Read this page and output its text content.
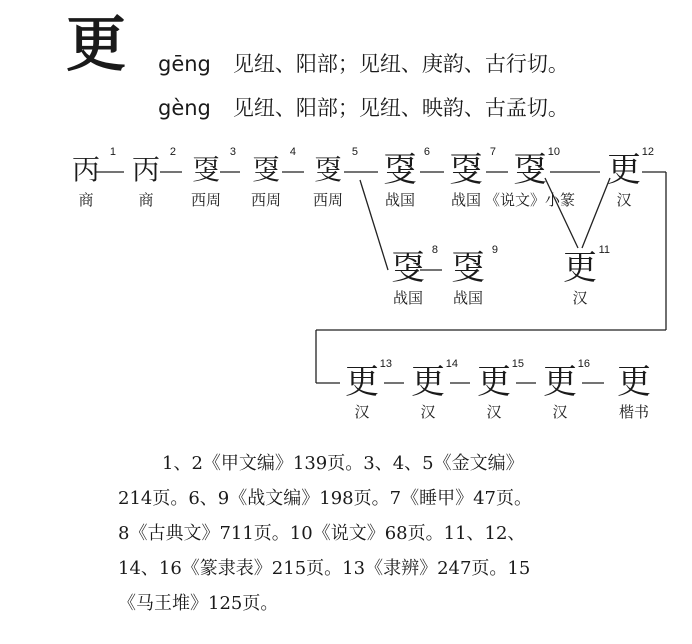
更 gēng 见纽、阳部；见纽、庚韵、古行切。
gèng 见纽、阳部；见纽、映韵、古孟切。
1
丙
商
2
丙
商
3
㪅
西周
4
㪅
西周
5
㪅
西周
6
㪅
战国
7
㪅
战国
10
㪅
《说文》小篆
12
更
汉
8
㪅
战国
9
㪅
战国
11
更
汉
13
更
汉
14
更
汉
15
更
汉
16
更
汉
更
楷书

1、2《甲文编》139页。3、4、5《金文编》

214页。6、9《战文编》198页。7《睡甲》47页。

8《古典文》711页。10《说文》68页。11、12、

14、16《篆隶表》215页。13《隶辨》247页。15

《马王堆》125页。
